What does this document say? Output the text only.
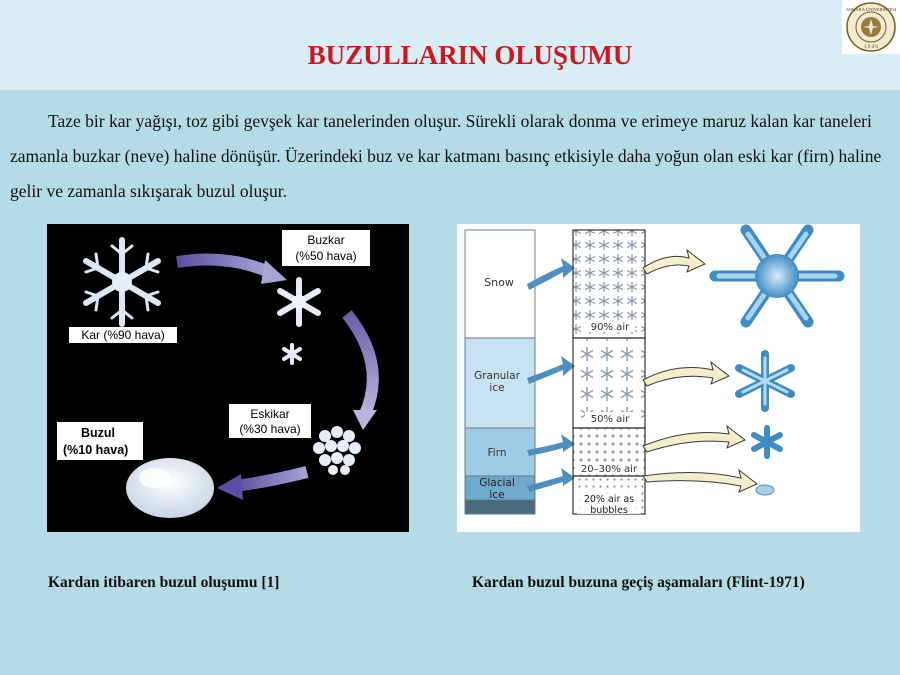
BUZULLARIN OLUŞUMU
ANKARA ÜNİVERSİTESİ
1 9 4 6

Taze bir kar yağışı, toz gibi gevşek kar tanelerinden oluşur. Sürekli olarak donma ve erimeye maruz kalan kar taneleri zamanla buzkar (neve) haline dönüşür. Üzerindeki buz ve kar katmanı basınç etkisiyle daha yoğun olan eski kar (firn) haline gelir ve zamanla sıkışarak buzul oluşur.

Kar (%90 hava)
Buzkar
(%50 hava)
Eskikar
(%30 hava)
Buzul
(%10 hava)
Snow
Granular
ice
Firn
Glacial
ice
90% air
50% air
20–30% air
20% air as
bubbles

Kardan itibaren buzul oluşumu [1]	Kardan buzul buzuna geçiş aşamaları (Flint-1971)
